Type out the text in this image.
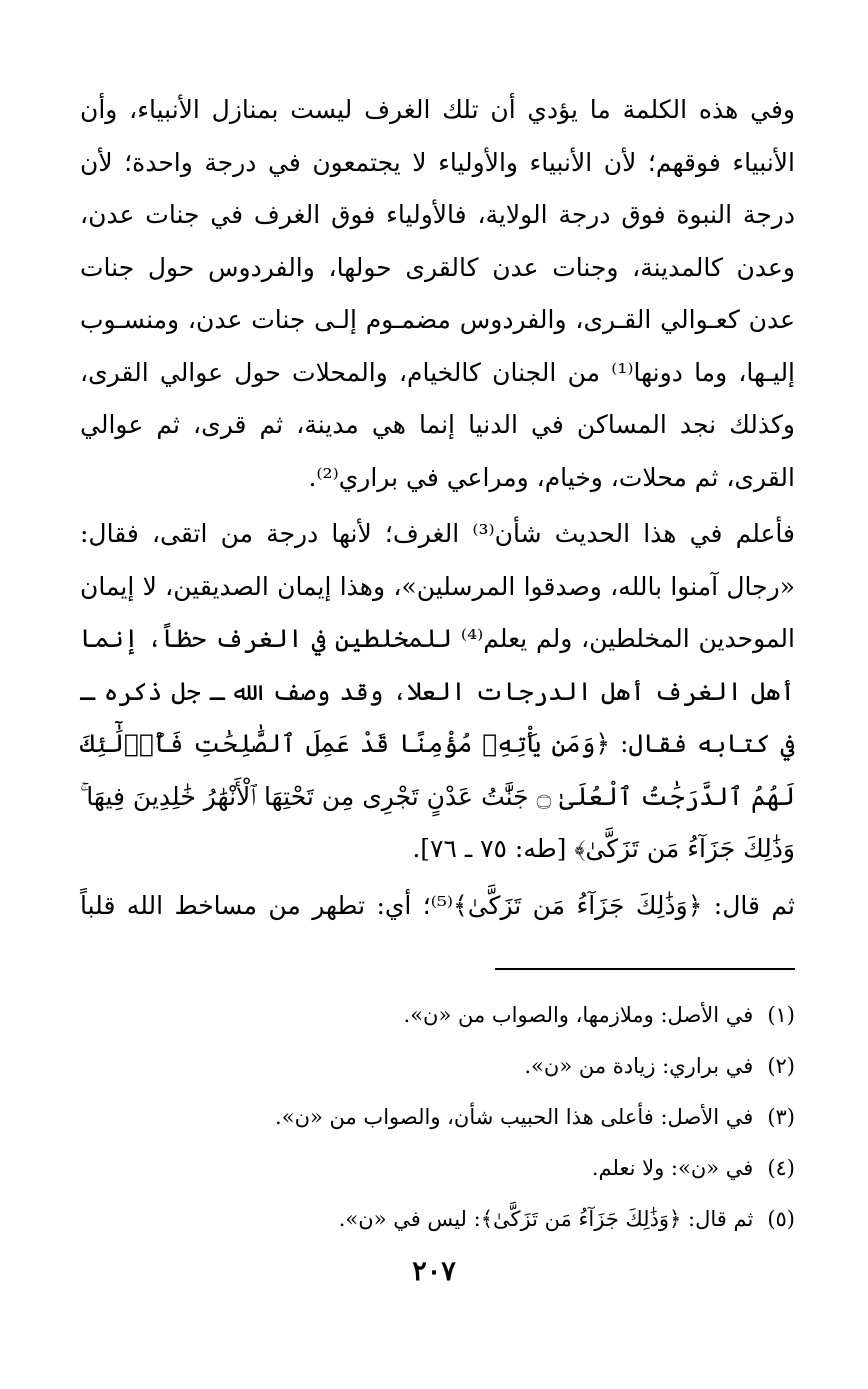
وفي هذه الكلمة ما يؤدي أن تلك الغرف ليست بمنازل الأنبياء، وأن الأنبياء فوقهم؛ لأن الأنبياء والأولياء لا يجتمعون في درجة واحدة؛ لأن درجة النبوة فوق درجة الولاية، فالأولياء فوق الغرف في جنات عدن، وعدن كالمدينة، وجنات عدن كالقرى حولها، والفردوس حول جنات عدن كعـوالي القـرى، والفردوس مضمـوم إلـى جنات عدن، ومنسـوب إليـها، وما دونها⁽¹⁾ من الجنان كالخيام، والمحلات حول عوالي القرى، وكذلك نجد المساكن في الدنيا إنما هي مدينة، ثم قرى، ثم عوالي القرى، ثم محلات، وخيام، ومراعي في براري⁽²⁾.

فأعلم في هذا الحديث شأن⁽³⁾ الغرف؛ لأنها درجة من اتقى، فقال: «رجال آمنوا بالله، وصدقوا المرسلين»، وهذا إيمان الصديقين، لا إيمان الموحدين المخلطين، ولم يعلم⁽⁴⁾ للمخلطين في الغرف حظاً، إنما أهل الغرف أهل الدرجات العلا، وقد وصف الله ـ جل ذكره ـ في كتابه فقال: ﴿وَمَن يَأْتِهِۦ مُؤْمِنًا قَدْ عَمِلَ ٱلصَّٰلِحَٰتِ فَأُو۟لَٰٓئِكَ لَهُمُ ٱلدَّرَجَٰتُ ٱلْعُلَىٰ ۝ جَنَّٰتُ عَدْنٍ تَجْرِى مِن تَحْتِهَا ٱلْأَنْهَٰرُ خَٰلِدِينَ فِيهَا ۚ وَذَٰلِكَ جَزَآءُ مَن تَزَكَّىٰ﴾ [طه: ٧٥ ـ ٧٦].

ثم قال: ﴿وَذَٰلِكَ جَزَآءُ مَن تَزَكَّىٰ﴾⁽⁵⁾؛ أي: تطهر من مساخط الله قلباً

(١)في الأصل: وملازمها، والصواب من «ن».
(٢)في براري: زيادة من «ن».
(٣)في الأصل: فأعلى هذا الحبيب شأن، والصواب من «ن».
(٤)في «ن»: ولا نعلم.
(٥)ثم قال: ﴿وَذَٰلِكَ جَزَآءُ مَن تَزَكَّىٰ﴾: ليس في «ن».
٢٠٧
